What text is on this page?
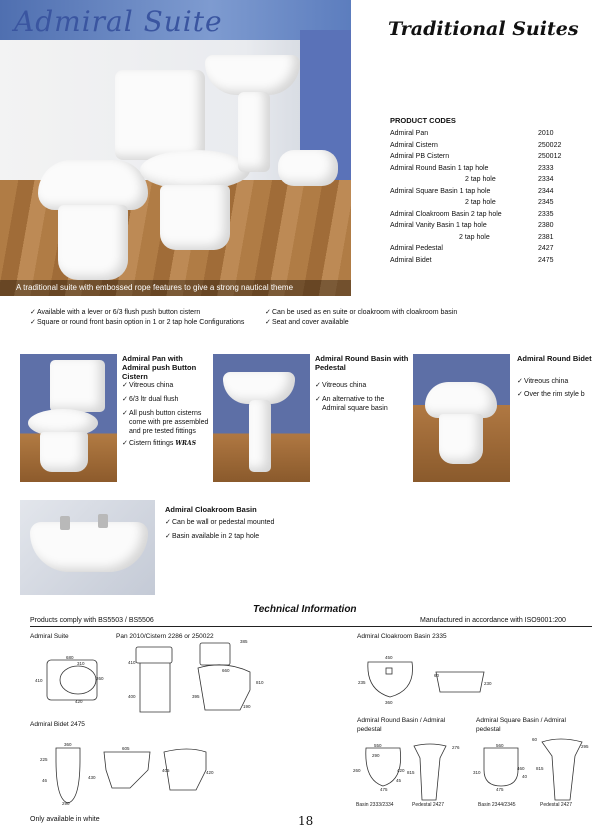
Admiral Suite
A traditional suite with embossed rope features to give a strong nautical theme
Traditional Suites
PRODUCT CODES
Admiral Pan	2010
Admiral Cistern	250022
Admiral PB Cistern	250012
Admiral Round Basin 1 tap hole	2333
2 tap hole	2334
Admiral Square Basin 1 tap hole	2344
2 tap hole	2345
Admiral Cloakroom Basin 2 tap hole	2335
Admiral Vanity Basin 1 tap hole	2380
2 tap hole	2381
Admiral Pedestal	2427
Admiral Bidet	2475
✓ Available with a lever or 6/3 flush push button cistern
✓ Square or round front basin option in 1 or 2 tap hole Configurations
✓ Can be used as en suite or cloakroom with cloakroom basin
✓ Seat and cover available
Admiral Pan with Admiral push Button Cistern
✓ Vitreous china
✓ 6/3 ltr dual flush
✓ All push button cisterns come with pre assembled and pre tested fittings
✓ Cistern fittings WRAS
Admiral Round Basin with Pedestal
✓ Vitreous china
✓ An alternative to the Admiral square basin
Admiral Round Bidet
✓ Vitreous china
✓ Over the rim style b
Admiral Cloakroom Basin
✓ Can be wall or pedestal mounted
✓ Basin available in 2 tap hole
Technical Information
Products comply with BS5503 / BS5506	Manufactured in accordance with ISO9001:200
Admiral Suite	Pan 2010/Cistern 2286 or 250022	Admiral Cloakroom Basin 2335
Admiral Bidet 2475
Admiral Round Basin / Admiral pedestal
Admiral Square Basin / Admiral pedestal
680
310
410	260
420
385
410
660
810
400	395
190
450
235
360
60
230
360
225
430
46
290
605
405	420
550
290
260	420
45
475
276
815
560
310
460
40
475
60
295
815
Basin 2333/2334	Pedestal 2427	Basin 2344/2345	Pedestal 2427
Only available in white	18
